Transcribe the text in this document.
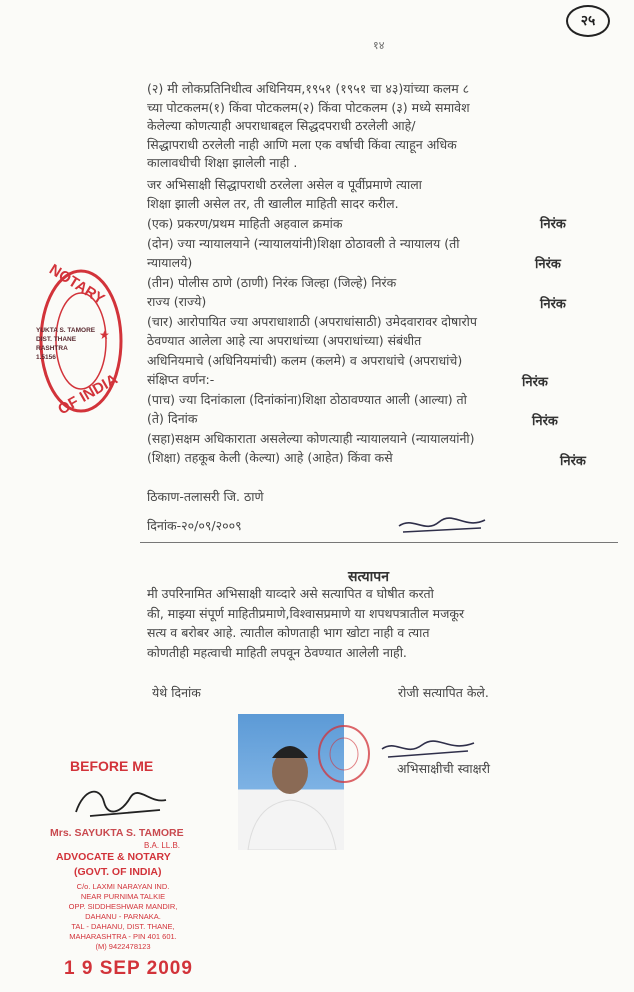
२५
१४
(२) मी लोकप्रतिनिधीत्व अधिनियम,१९५१ (१९५१ चा ४३)यांच्या कलम ८
च्या पोटकलम(१) किंवा पोटकलम(२) किंवा पोटकलम (३) मध्ये समावेश
केलेल्या कोणत्याही अपराधाबद्दल सिद्धदपराधी ठरलेली आहे/
सिद्धापराधी ठरलेली नाही आणि मला एक वर्षाची किंवा त्याहून अधिक
कालावधीची शिक्षा झालेली नाही .
जर अभिसाक्षी सिद्धापराधी ठरलेला असेल व पूर्वीप्रमाणे त्याला
शिक्षा झाली असेल तर, ती खालील माहिती सादर करील.
(एक) प्रकरण/प्रथम माहिती अहवाल क्रमांक
(दोन) ज्या न्यायालयाने (न्यायालयांनी)शिक्षा ठोठावली ते न्यायालय (ती
न्यायालये)
(तीन) पोलीस ठाणे (ठाणी) निरंक जिल्हा (जिल्हे) निरंक
राज्य (राज्ये)
(चार) आरोपायित ज्या अपराधाशाठी (अपराधांसाठी) उमेदवारावर दोषारोप
ठेवण्यात आलेला आहे त्या अपराधांच्या (अपराधांच्या) संबंधीत
अधिनियमाचे (अधिनियमांची) कलम (कलमे) व अपराधांचे (अपराधांचे)
संक्षिप्त वर्णन:-
(पाच) ज्या दिनांकाला (दिनांकांना)शिक्षा ठोठावण्यात आली (आल्या) तो
(ते) दिनांक
(सहा)सक्षम अधिकाराता असलेल्या कोणत्याही न्यायालयाने (न्यायालयांनी)
(शिक्षा) तहकूब केली (केल्या) आहे (आहेत) किंवा कसे
निरंक
निरंक
निरंक
निरंक
निरंक
निरंक
ठिकाण-तलासरी जि. ठाणे
दिनांक-२०/०९/२००९
सत्यापन
मी उपरिनामित अभिसाक्षी याव्दारे असे सत्यापित व घोषीत करतो
की, माझ्या संपूर्ण माहितीप्रमाणे,विश्वासप्रमाणे या शपथपत्रातील मजकूर
सत्य व बरोबर आहे. त्यातील कोणताही भाग खोटा नाही व त्यात
कोणतीही महत्वाची माहिती लपवून ठेवण्यात आलेली नाही.
येथे दिनांक	रोजी सत्यापित केले.
अभिसाक्षीची स्वाक्षरी
NOTARY
OF INDIA
YUKTA S. TAMORE
DIST. THANE
RASHTRA
1.5156
★
BEFORE ME
Mrs. SAYUKTA S. TAMORE
B.A. LL.B.
ADVOCATE & NOTARY
(GOVT. OF INDIA)
C/o. LAXMI NARAYAN IND.
NEAR PURNIMA TALKIE
OPP. SIDDHESHWAR MANDIR,
DAHANU - PARNAKA.
TAL - DAHANU, DIST. THANE,
MAHARASHTRA - PIN 401 601.
(M) 9422478123
1 9 SEP 2009
